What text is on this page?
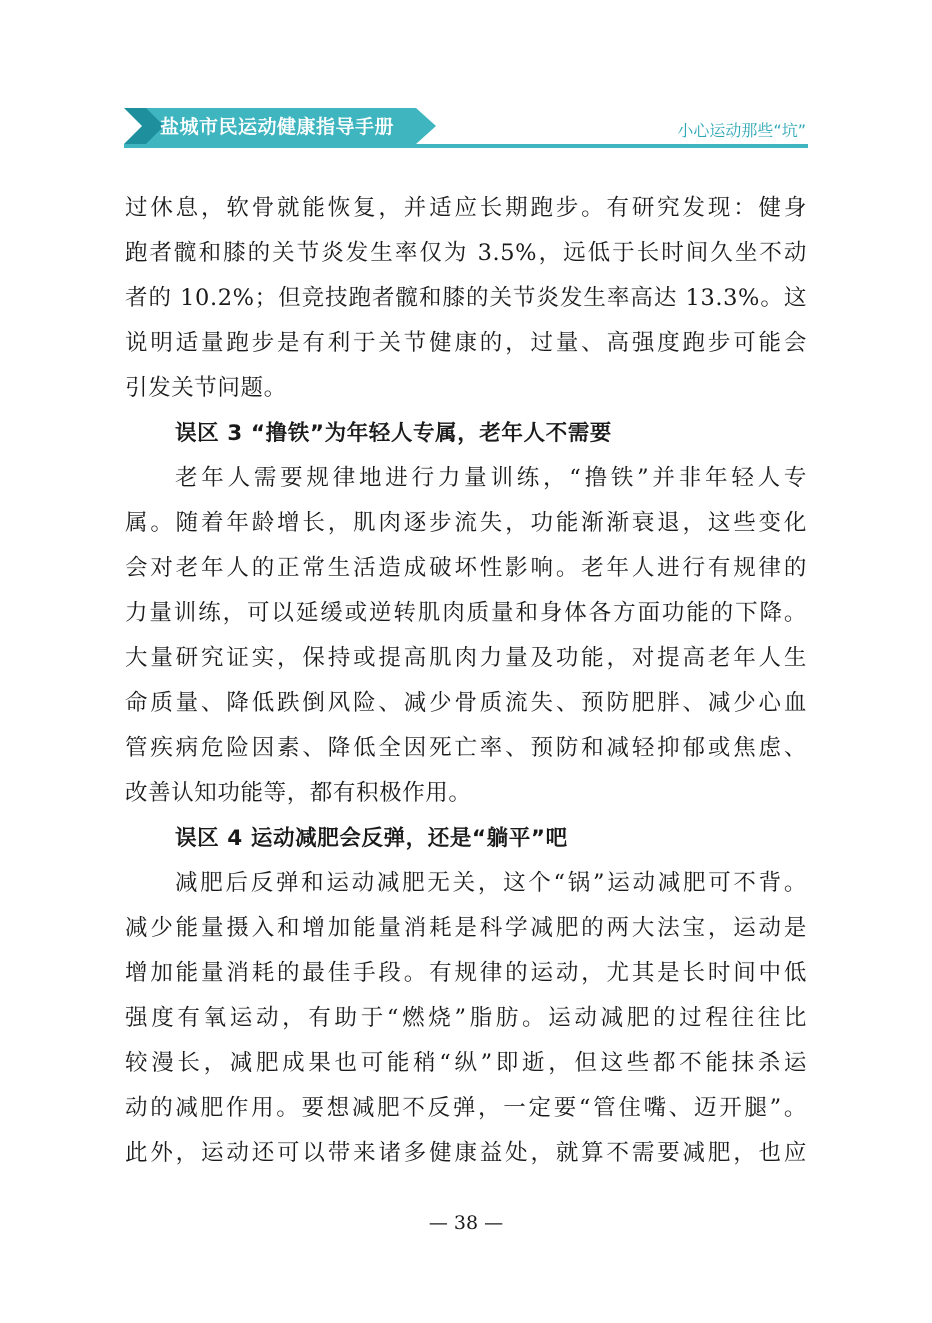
盐城市民运动健康指导手册	小心运动那些“坑”
过休息，软骨就能恢复，并适应长期跑步。有研究发现：健身
跑者髋和膝的关节炎发生率仅为 3.5%，远低于长时间久坐不动
者的 10.2%；但竞技跑者髋和膝的关节炎发生率高达 13.3%。这
说明适量跑步是有利于关节健康的，过量、高强度跑步可能会
引发关节问题。
误区 3 “撸铁”为年轻人专属，老年人不需要
老年人需要规律地进行力量训练，“撸铁”并非年轻人专
属。随着年龄增长，肌肉逐步流失，功能渐渐衰退，这些变化
会对老年人的正常生活造成破坏性影响。老年人进行有规律的
力量训练，可以延缓或逆转肌肉质量和身体各方面功能的下降。
大量研究证实，保持或提高肌肉力量及功能，对提高老年人生
命质量、降低跌倒风险、减少骨质流失、预防肥胖、减少心血
管疾病危险因素、降低全因死亡率、预防和减轻抑郁或焦虑、
改善认知功能等，都有积极作用。
误区 4 运动减肥会反弹，还是“躺平”吧
减肥后反弹和运动减肥无关，这个“锅”运动减肥可不背。
减少能量摄入和增加能量消耗是科学减肥的两大法宝，运动是
增加能量消耗的最佳手段。有规律的运动，尤其是长时间中低
强度有氧运动，有助于“燃烧”脂肪。运动减肥的过程往往比
较漫长，减肥成果也可能稍“纵”即逝，但这些都不能抹杀运
动的减肥作用。要想减肥不反弹，一定要“管住嘴、迈开腿”。
此外，运动还可以带来诸多健康益处，就算不需要减肥，也应
— 38 —
